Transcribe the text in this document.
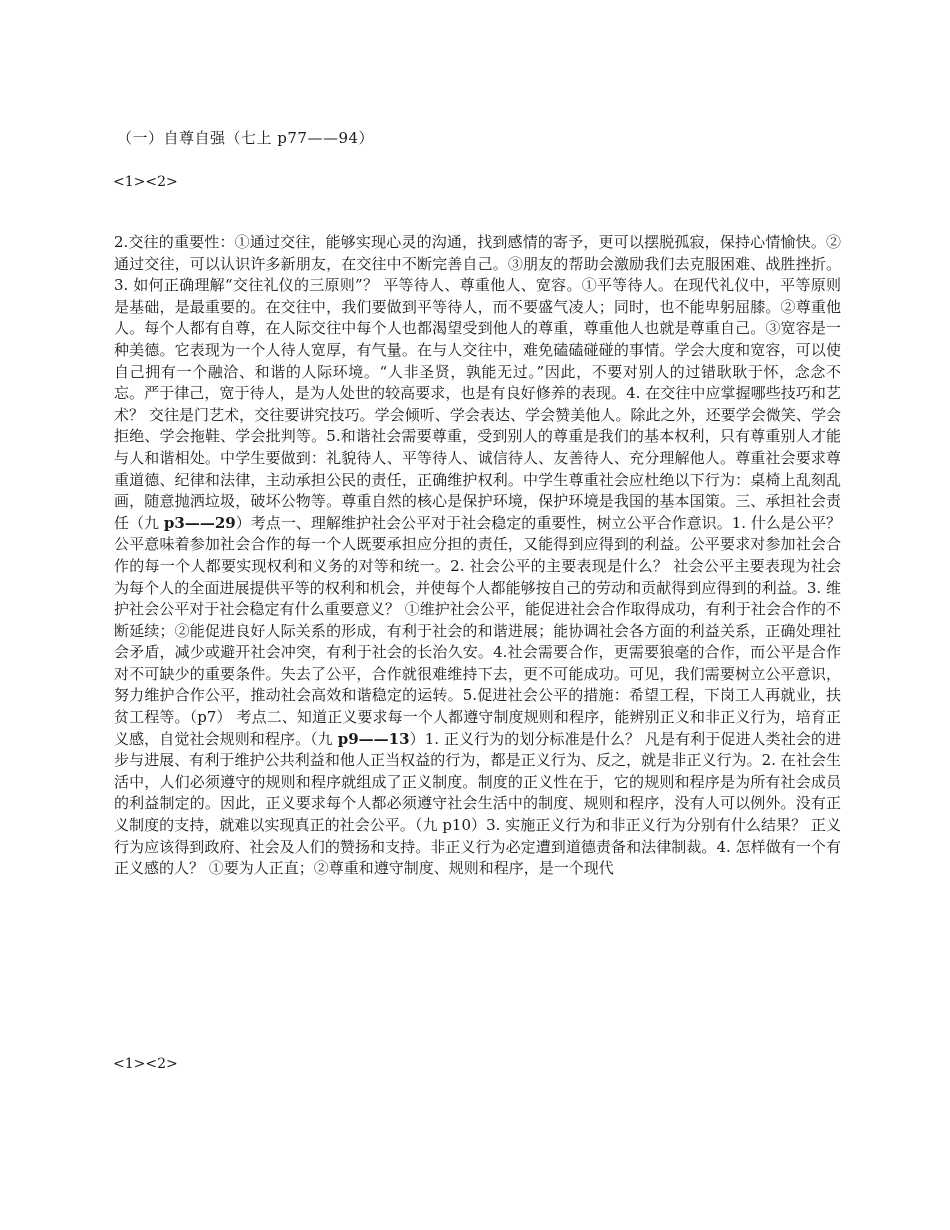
（一）自尊自强（七上 p77——94）
<1><2>

2.交往的重要性：①通过交往，能够实现心灵的沟通，找到感情的寄予，更可以摆脱孤寂，保持心情愉快。②通过交往，可以认识许多新朋友，在交往中不断完善自己。③朋友的帮助会激励我们去克服困难、战胜挫折。3. 如何正确理解“交往礼仪的三原则”？ 平等待人、尊重他人、宽容。①平等待人。在现代礼仪中，平等原则是基础，是最重要的。在交往中，我们要做到平等待人，而不要盛气凌人；同时，也不能卑躬屈膝。②尊重他人。每个人都有自尊，在人际交往中每个人也都渴望受到他人的尊重，尊重他人也就是尊重自己。③宽容是一种美德。它表现为一个人待人宽厚，有气量。在与人交往中，难免磕磕碰碰的事情。学会大度和宽容，可以使自己拥有一个融洽、和谐的人际环境。“人非圣贤，孰能无过。”因此，不要对别人的过错耿耿于怀，念念不忘。严于律己，宽于待人，是为人处世的较高要求，也是有良好修养的表现。4. 在交往中应掌握哪些技巧和艺术？ 交往是门艺术，交往要讲究技巧。学会倾听、学会表达、学会赞美他人。除此之外，还要学会微笑、学会拒绝、学会拖鞋、学会批判等。5.和谐社会需要尊重，受到别人的尊重是我们的基本权利，只有尊重别人才能与人和谐相处。中学生要做到：礼貌待人、平等待人、诚信待人、友善待人、充分理解他人。尊重社会要求尊重道德、纪律和法律，主动承担公民的责任，正确维护权利。中学生尊重社会应杜绝以下行为：桌椅上乱刻乱画，随意抛洒垃圾，破坏公物等。尊重自然的核心是保护环境，保护环境是我国的基本国策。三、承担社会责任（九 p3——29）考点一、理解维护社会公平对于社会稳定的重要性，树立公平合作意识。1. 什么是公平？ 公平意味着参加社会合作的每一个人既要承担应分担的责任，又能得到应得到的利益。公平要求对参加社会合作的每一个人都要实现权利和义务的对等和统一。2. 社会公平的主要表现是什么？ 社会公平主要表现为社会为每个人的全面进展提供平等的权利和机会，并使每个人都能够按自己的劳动和贡献得到应得到的利益。3. 维护社会公平对于社会稳定有什么重要意义？ ①维护社会公平，能促进社会合作取得成功，有利于社会合作的不断延续；②能促进良好人际关系的形成，有利于社会的和谐进展；能协调社会各方面的利益关系，正确处理社会矛盾，减少或避开社会冲突，有利于社会的长治久安。4.社会需要合作，更需要狼毫的合作，而公平是合作对不可缺少的重要条件。失去了公平，合作就很难维持下去，更不可能成功。可见，我们需要树立公平意识，努力维护合作公平，推动社会高效和谐稳定的运转。5.促进社会公平的措施：希望工程，下岗工人再就业，扶贫工程等。（p7） 考点二、知道正义要求每一个人都遵守制度规则和程序，能辨别正义和非正义行为，培育正义感，自觉社会规则和程序。（九 p9——13）1. 正义行为的划分标准是什么？ 凡是有利于促进人类社会的进步与进展、有利于维护公共利益和他人正当权益的行为，都是正义行为、反之，就是非正义行为。2. 在社会生活中，人们必须遵守的规则和程序就组成了正义制度。制度的正义性在于，它的规则和程序是为所有社会成员的利益制定的。因此，正义要求每个人都必须遵守社会生活中的制度、规则和程序，没有人可以例外。没有正义制度的支持，就难以实现真正的社会公平。（九 p10）3. 实施正义行为和非正义行为分别有什么结果？ 正义行为应该得到政府、社会及人们的赞扬和支持。非正义行为必定遭到道德责备和法律制裁。4. 怎样做有一个有正义感的人？ ①要为人正直；②尊重和遵守制度、规则和程序，是一个现代

<1><2>
